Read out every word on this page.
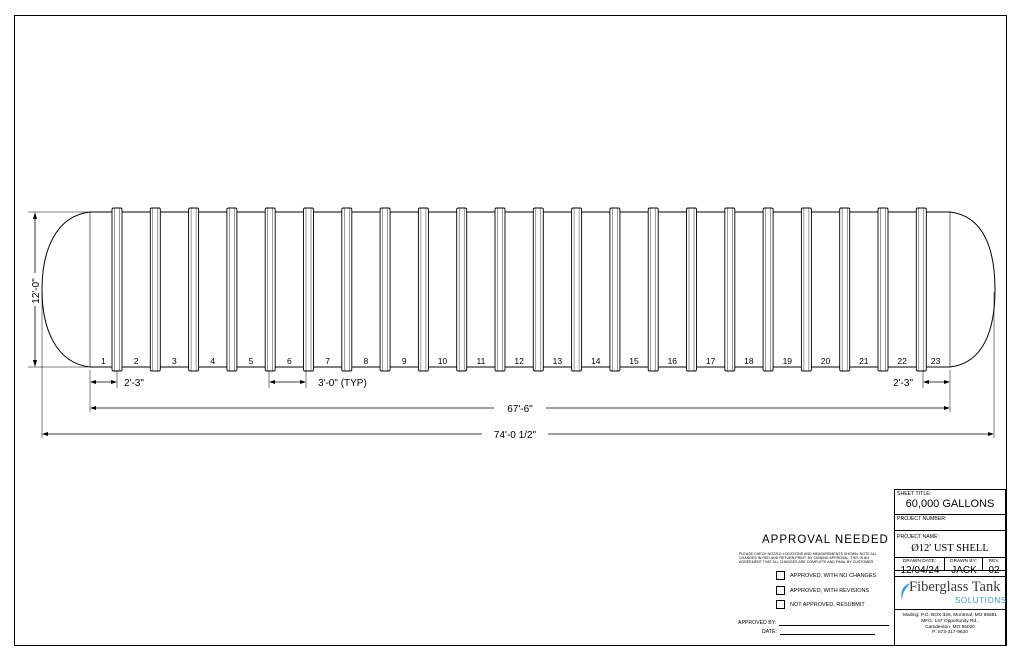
1	2	3	4	5	6	7	8	9	10	11	12	13	14	15	16	17	18	19	20	21	22	23
12'-0"
2'-3"	3'-0" (TYP)	2'-3"
67'-6"
74'-0 1/2"
APPROVAL NEEDED
PLEASE CHECK NOZZLE LOCATIONS AND MEASUREMENTS SHOWN. NOTE ALL CHANGES IN RED AND RETURN PRINT. BY SIGNING APPROVAL, THIS IS AN AGREEMENT THAT ALL CHANGES ARE COMPLETE AND FINAL BY CUSTOMER.
APPROVED, WITH NO CHANGES
APPROVED, WITH REVISIONS
NOT APPROVED, RESUBMIT
APPROVED BY:
DATE:
SHEET TITLE:
60,000 GALLONS
PROJECT NUMBER:
PROJECT NAME:
Ø12' UST SHELL
DRAWN DATE:	DRAWN BY:	REV.
12/04/24	JACK	02
Fiberglass Tank
SOLUTIONS
Mailing: P.O. BOX 326, Montreal, MO 65591
MFG: 147 Opportunity Rd.,
Camdenton, MO 65020
P: 573-317-9620
